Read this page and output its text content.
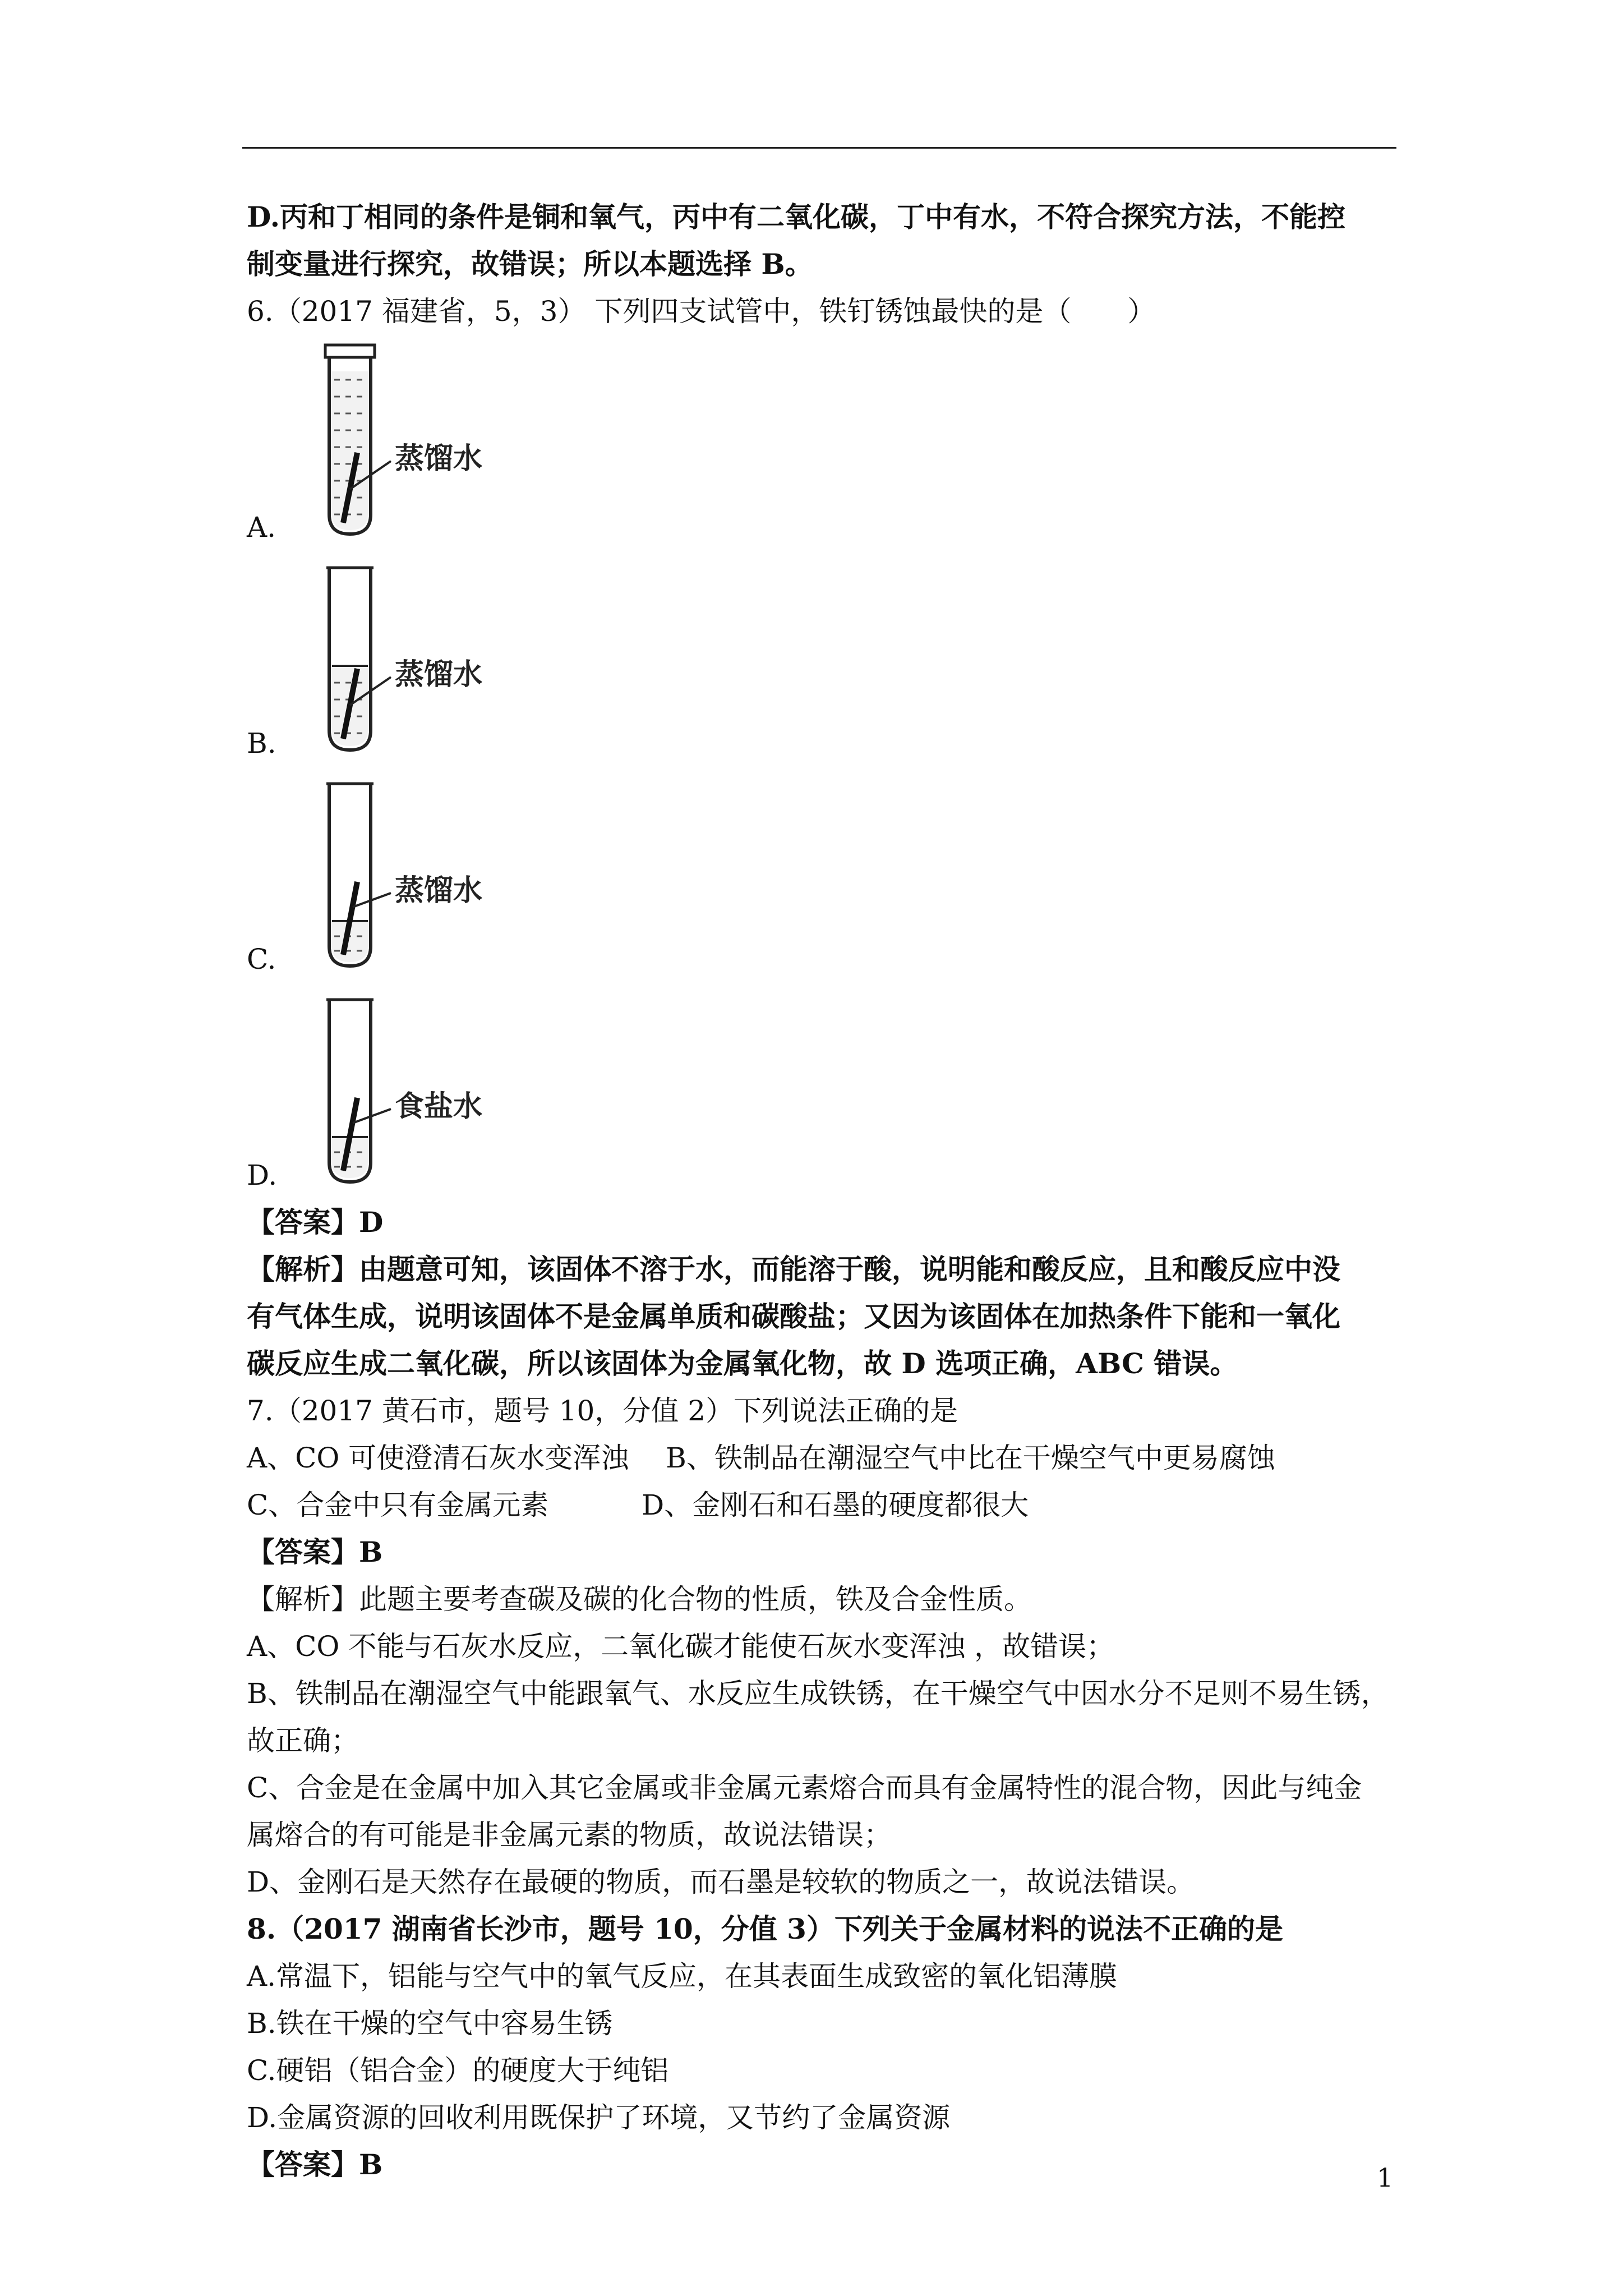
D.丙和丁相同的条件是铜和氧气，丙中有二氧化碳，丁中有水，不符合探究方法，不能控

制变量进行探究，故错误；所以本题选择 B。

6.（2017 福建省，5，3） 下列四支试管中，铁钉锈蚀最快的是（　　）

蒸馏水
A.
蒸馏水
B.
蒸馏水
C.
食盐水
D.

【答案】D

【解析】由题意可知，该固体不溶于水，而能溶于酸，说明能和酸反应，且和酸反应中没

有气体生成，说明该固体不是金属单质和碳酸盐；又因为该固体在加热条件下能和一氧化

碳反应生成二氧化碳，所以该固体为金属氧化物，故 D 选项正确，ABC 错误。

7.（2017 黄石市，题号 10，分值 2）下列说法正确的是

A、CO 可使澄清石灰水变浑浊　 B、铁制品在潮湿空气中比在干燥空气中更易腐蚀

C、合金中只有金属元素　　　 D、金刚石和石墨的硬度都很大

【答案】B

【解析】此题主要考查碳及碳的化合物的性质，铁及合金性质。

A、CO 不能与石灰水反应，二氧化碳才能使石灰水变浑浊 ，故错误；

B、铁制品在潮湿空气中能跟氧气、水反应生成铁锈，在干燥空气中因水分不足则不易生锈，

故正确；

C、合金是在金属中加入其它金属或非金属元素熔合而具有金属特性的混合物，因此与纯金

属熔合的有可能是非金属元素的物质，故说法错误；

D、金刚石是天然存在最硬的物质，而石墨是较软的物质之一，故说法错误。

8.（2017 湖南省长沙市，题号 10，分值 3）下列关于金属材料的说法不正确的是

A.常温下，铝能与空气中的氧气反应，在其表面生成致密的氧化铝薄膜

B.铁在干燥的空气中容易生锈

C.硬铝（铝合金）的硬度大于纯铝

D.金属资源的回收利用既保护了环境，又节约了金属资源

【答案】B	1
